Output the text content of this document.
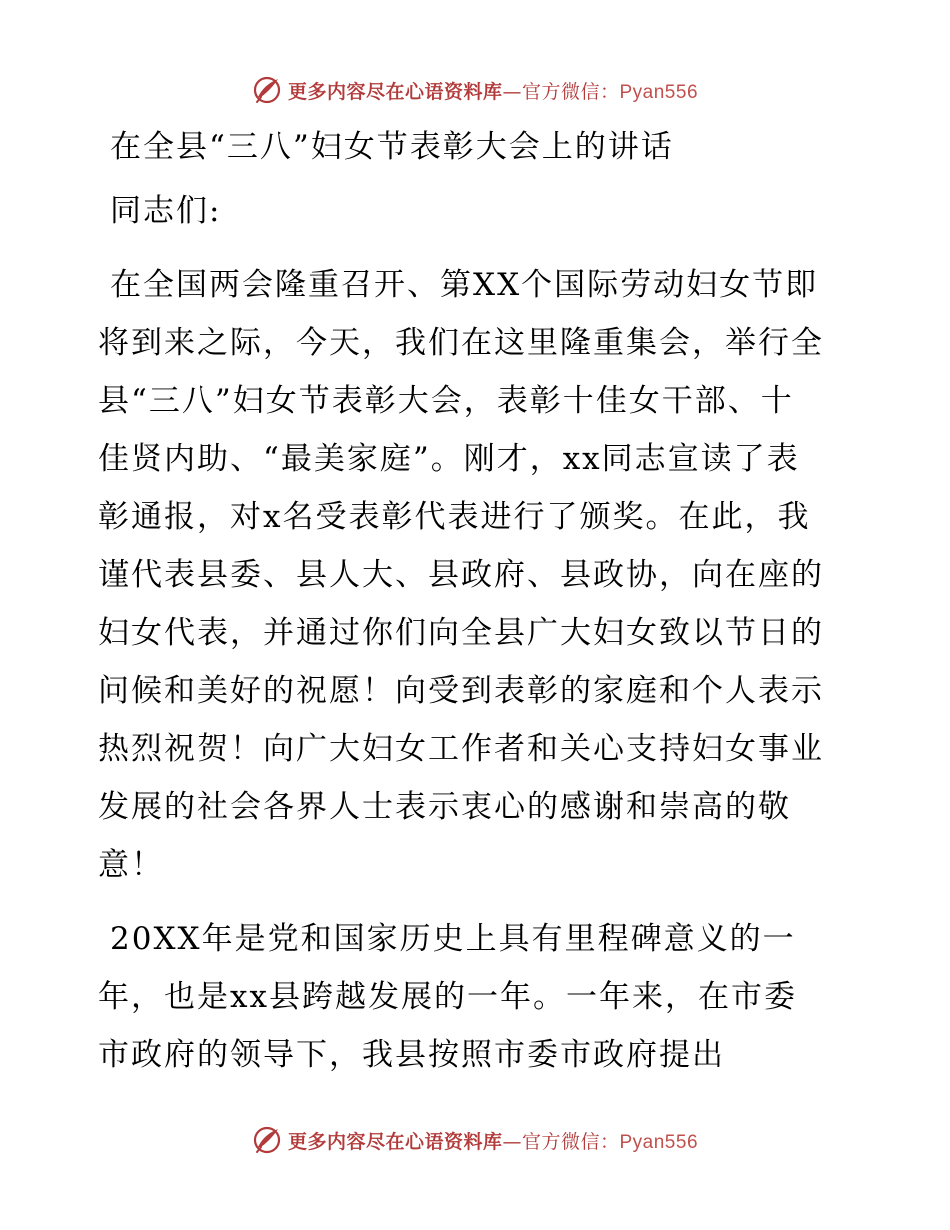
更多内容尽在心语资料库—官方微信：Pyan556
在全县“三八”妇女节表彰大会上的讲话

同志们:

在全国两会隆重召开、第XX个国际劳动妇女节即
将到来之际，今天，我们在这里隆重集会，举行全
县“三八”妇女节表彰大会，表彰十佳女干部、十
佳贤内助、“最美家庭”。刚才，xx同志宣读了表
彰通报，对x名受表彰代表进行了颁奖。在此，我
谨代表县委、县人大、县政府、县政协，向在座的
妇女代表，并通过你们向全县广大妇女致以节日的
问候和美好的祝愿！向受到表彰的家庭和个人表示
热烈祝贺！向广大妇女工作者和关心支持妇女事业
发展的社会各界人士表示衷心的感谢和崇高的敬
意！

20XX年是党和国家历史上具有里程碑意义的一
年，也是xx县跨越发展的一年。一年来，在市委
市政府的领导下，我县按照市委市政府提出

更多内容尽在心语资料库—官方微信：Pyan556
